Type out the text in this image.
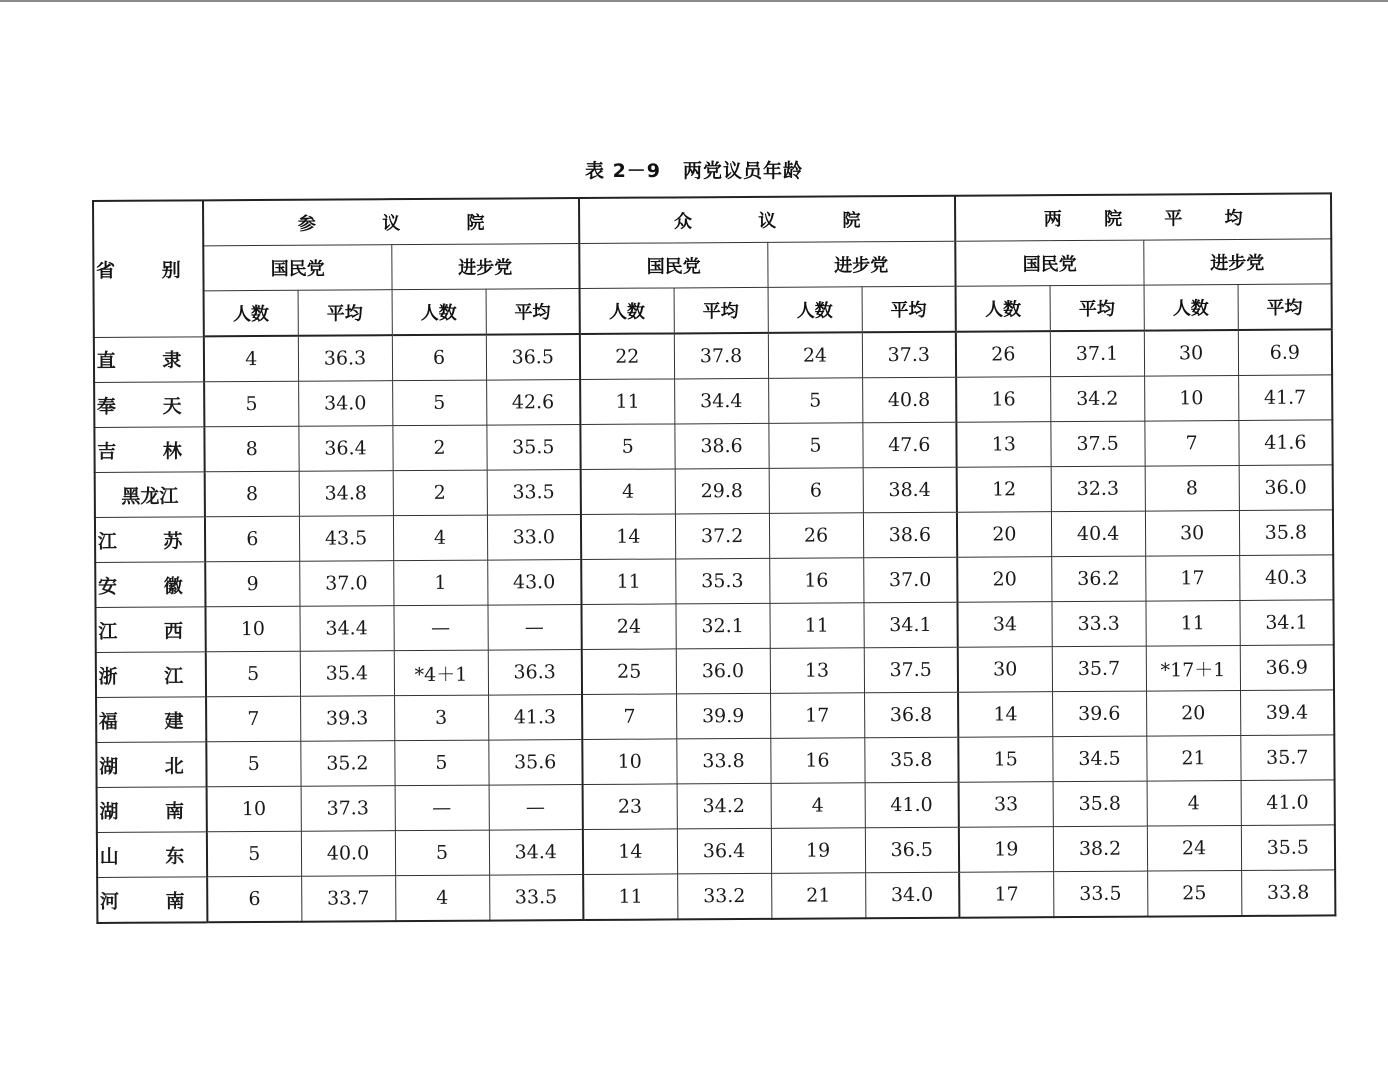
表 2－9 两党议员年龄
省 别	参 议 院				众 议 院				两 院 平 均			
	国民党		进步党		国民党		进步党		国民党		进步党	
	人数	平均	人数	平均	人数	平均	人数	平均	人数	平均	人数	平均
直 隶	4	36.3	6	36.5	22	37.8	24	37.3	26	37.1	30	6.9
奉 天	5	34.0	5	42.6	11	34.4	5	40.8	16	34.2	10	41.7
吉 林	8	36.4	2	35.5	5	38.6	5	47.6	13	37.5	7	41.6
黑龙江	8	34.8	2	33.5	4	29.8	6	38.4	12	32.3	8	36.0
江 苏	6	43.5	4	33.0	14	37.2	26	38.6	20	40.4	30	35.8
安 徽	9	37.0	1	43.0	11	35.3	16	37.0	20	36.2	17	40.3
江 西	10	34.4	—	—	24	32.1	11	34.1	34	33.3	11	34.1
浙 江	5	35.4	*4＋1	36.3	25	36.0	13	37.5	30	35.7	*17＋1	36.9
福 建	7	39.3	3	41.3	7	39.9	17	36.8	14	39.6	20	39.4
湖 北	5	35.2	5	35.6	10	33.8	16	35.8	15	34.5	21	35.7
湖 南	10	37.3	—	—	23	34.2	4	41.0	33	35.8	4	41.0
山 东	5	40.0	5	34.4	14	36.4	19	36.5	19	38.2	24	35.5
河 南	6	33.7	4	33.5	11	33.2	21	34.0	17	33.5	25	33.8
